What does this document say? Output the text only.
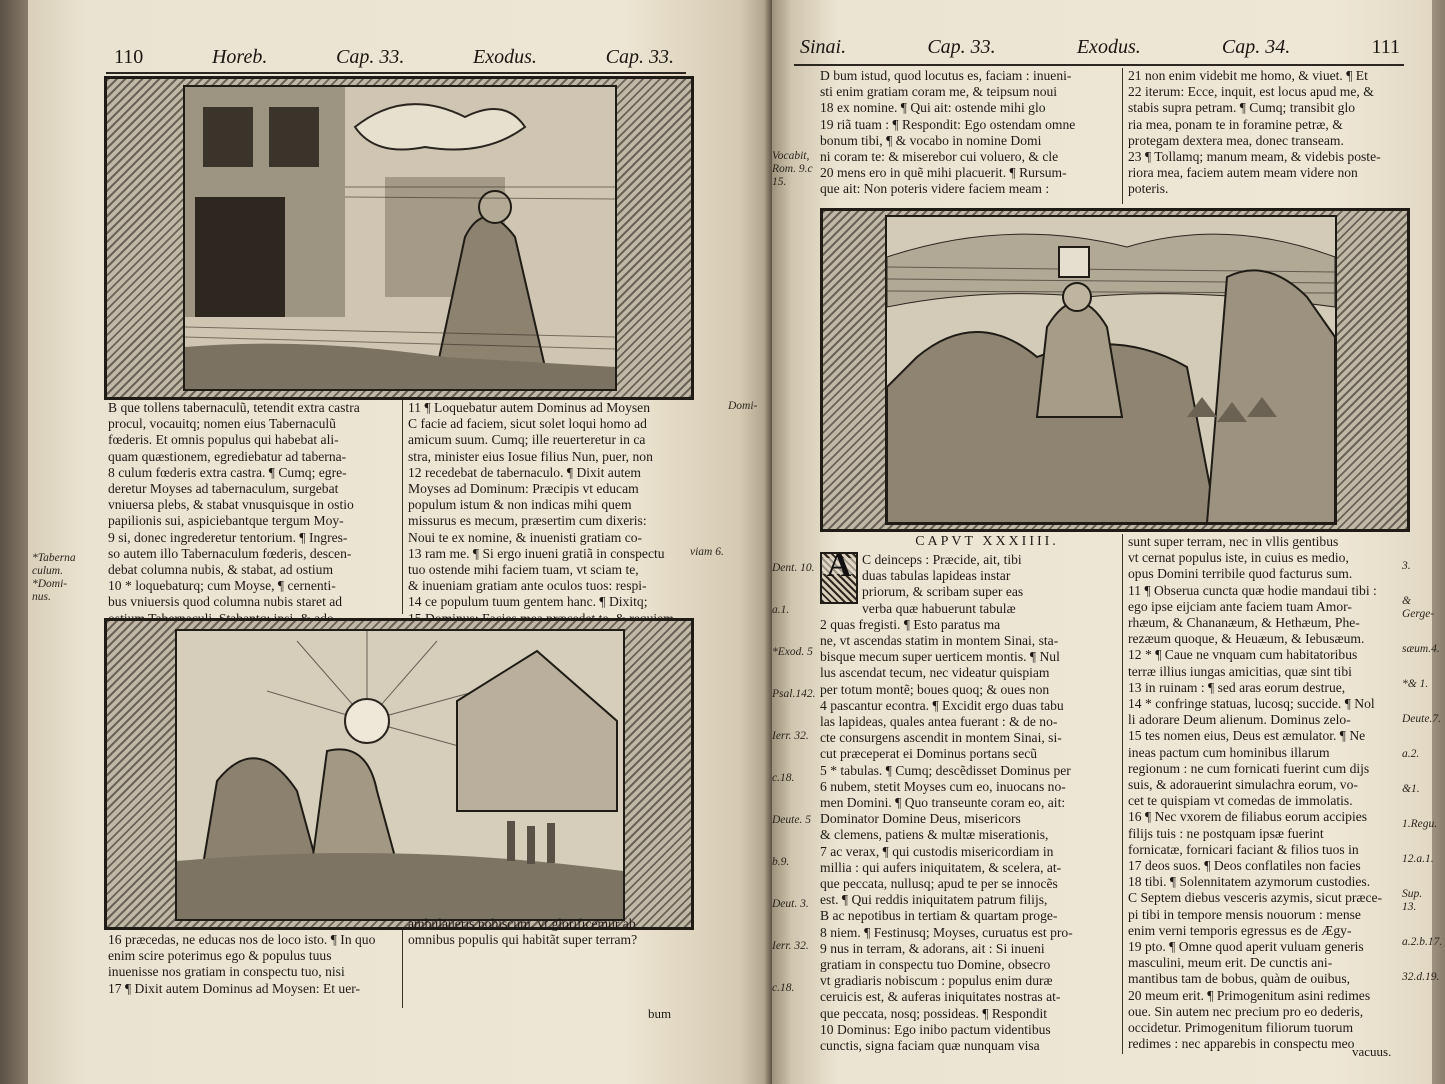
110	Horeb.	Cap. 33.	Exodus.	Cap. 33.
B que tollens tabernaculũ, tetendit extra castra
procul, vocauitq; nomen eius Tabernaculũ
fœderis. Et omnis populus qui habebat ali-
quam quæstionem, egrediebatur ad taberna-
8 culum fœderis extra castra. ¶ Cumq; egre-
deretur Moyses ad tabernaculum, surgebat
vniuersa plebs, & stabat vnusquisque in ostio
papilionis sui, aspiciebantque tergum Moy-
9 si, donec ingrederetur tentorium. ¶ Ingres-
so autem illo Tabernaculum fœderis, descen-
debat columna nubis, & stabat, ad ostium
10 * loquebaturq; cum Moyse, ¶ cernenti-
bus vniuersis quod columna nubis staret ad
11 ¶ Loquebatur autem Dominus ad Moysen
C facie ad faciem, sicut solet loqui homo ad
amicum suum. Cumq; ille reuerteretur in ca
stra, minister eius Iosue filius Nun, puer, non
12 recedebat de tabernaculo. ¶ Dixit autem
Moyses ad Dominum: Præcipis vt educam
populum istum & non indicas mihi quem
missurus es mecum, præsertim cum dixeris:
Noui te ex nomine, & inuenisti gratiam co-
13 ram me. ¶ Si ergo inueni gratiã in conspectu
tuo ostende mihi faciem tuam, vt sciam te,
& inueniam gratiam ante oculos tuos: respi-
14 ce populum tuum gentem hanc. ¶ Dixitq;
*Taberna
culum.
*Domi-
nus.
viam 6.
Domi-
16 præcedas, ne educas nos de loco isto. ¶ In quo
enim scire poterimus ego & populus tuus
inuenisse nos gratiam in conspectu tuo, nisi
17 ¶ Dixit autem Dominus ad Moysen: Et uer-
ambulaueris nobiscum, vt glorificemur ab
omnibus populis qui habitãt super terram?
bum
Sinai.	Cap. 33.	Exodus.	Cap. 34.	111
Vocabit, Rom. 9.c 15.
D bum istud, quod locutus es, faciam : inueni-
sti enim gratiam coram me, & teipsum noui
18 ex nomine. ¶ Qui ait: ostende mihi glo
19 riã tuam : ¶ Respondit: Ego ostendam omne
bonum tibi, ¶ & vocabo in nomine Domi
ni coram te: & miserebor cui voluero, & cle
20 mens ero in quẽ mihi placuerit. ¶ Rursum-
que ait: Non poteris videre faciem meam :
21 non enim videbit me homo, & viuet. ¶ Et
22 iterum: Ecce, inquit, est locus apud me, &
stabis supra petram. ¶ Cumq; transibit glo
ria mea, ponam te in foramine petræ, &
protegam dextera mea, donec transeam.
23 ¶ Tollamq; manum meam, & videbis poste-
riora mea, faciem autem meam videre non
poteris.
CAPVT XXXIIII.
Dent. 10.
a.1.
*Exod. 5
Psal.142.
Ierr. 32.
c.18.
Deute. 5
b.9.
Deut. 3.
Ierr. 32.
c.18.
A C deinceps : Præcide, ait, tibi
duas tabulas lapideas instar
priorum, & scribam super eas
verba quæ habuerunt tabulæ
2 quas fregisti. ¶ Esto paratus ma
ne, vt ascendas statim in montem Sinai, sta-
bisque mecum super uerticem montis. ¶ Nul
lus ascendat tecum, nec videatur quispiam
per totum montẽ; boues quoq; & oues non
4 pascantur econtra. ¶ Excidit ergo duas tabu
las lapideas, quales antea fuerant : & de no-
cte consurgens ascendit in montem Sinai, si-
cut præceperat ei Dominus portans secũ
5 * tabulas. ¶ Cumq; descẽdisset Dominus per
6 nubem, stetit Moyses cum eo, inuocans no-
men Domini. ¶ Quo transeunte coram eo, ait:
Dominator Domine Deus, misericors
& clemens, patiens & multæ miserationis,
7 ac verax, ¶ qui custodis misericordiam in
millia : qui aufers iniquitatem, & scelera, at-
que peccata, nullusq; apud te per se innocẽs
est. ¶ Qui reddis iniquitatem patrum filijs,
B ac nepotibus in tertiam & quartam proge-
8 niem. ¶ Festinusq; Moyses, curuatus est pro-
9 nus in terram, & adorans, ait : Si inueni
gratiam in conspectu tuo Domine, obsecro
vt gradiaris nobiscum : populus enim duræ
ceruicis est, & auferas iniquitates nostras at-
que peccata, nosq; possideas. ¶ Respondit
10 Dominus: Ego inibo pactum videntibus
cunctis, signa faciam quæ nunquam visa
sunt super terram, nec in vllis gentibus
vt cernat populus iste, in cuius es medio,
opus Domini terribile quod facturus sum.
11 ¶ Obserua cuncta quæ hodie mandaui tibi :
ego ipse eijciam ante faciem tuam Amor-
rhæum, & Chananæum, & Hethæum, Phe-
rezæum quoque, & Heuæum, & Iebusæum.
12 * ¶ Caue ne vnquam cum habitatoribus
terræ illius iungas amicitias, quæ sint tibi
13 in ruinam : ¶ sed aras eorum destrue,
14 * confringe statuas, lucosq; succide. ¶ Nol
li adorare Deum alienum. Dominus zelo-
15 tes nomen eius, Deus est æmulator. ¶ Ne
ineas pactum cum hominibus illarum
regionum : ne cum fornicati fuerint cum dijs
suis, & adorauerint simulachra eorum, vo-
cet te quispiam vt comedas de immolatis.
16 ¶ Nec vxorem de filiabus eorum accipies
filijs tuis : ne postquam ipsæ fuerint
fornicatæ, fornicari faciant & filios tuos in
17 deos suos. ¶ Deos conflatiles non facies
18 tibi. ¶ Solennitatem azymorum custodies.
C Septem diebus vesceris azymis, sicut præce-
pi tibi in tempore mensis nouorum : mense
enim verni temporis egressus es de Ægy-
19 pto. ¶ Omne quod aperit vuluam generis
masculini, meum erit. De cunctis ani-
mantibus tam de bobus, quàm de ouibus,
20 meum erit. ¶ Primogenitum asini redimes
oue. Sin autem nec precium pro eo dederis,
occidetur. Primogenitum filiorum tuorum
redimes : nec apparebis in conspectu meo
3.
& Gerge-
sæum.4.
*& 1.
Deute.7.
a.2.
&1.
1.Regu.
12.a.1.
Sup. 13.
a.2.b.17.
32.d.19.
vacuus.
